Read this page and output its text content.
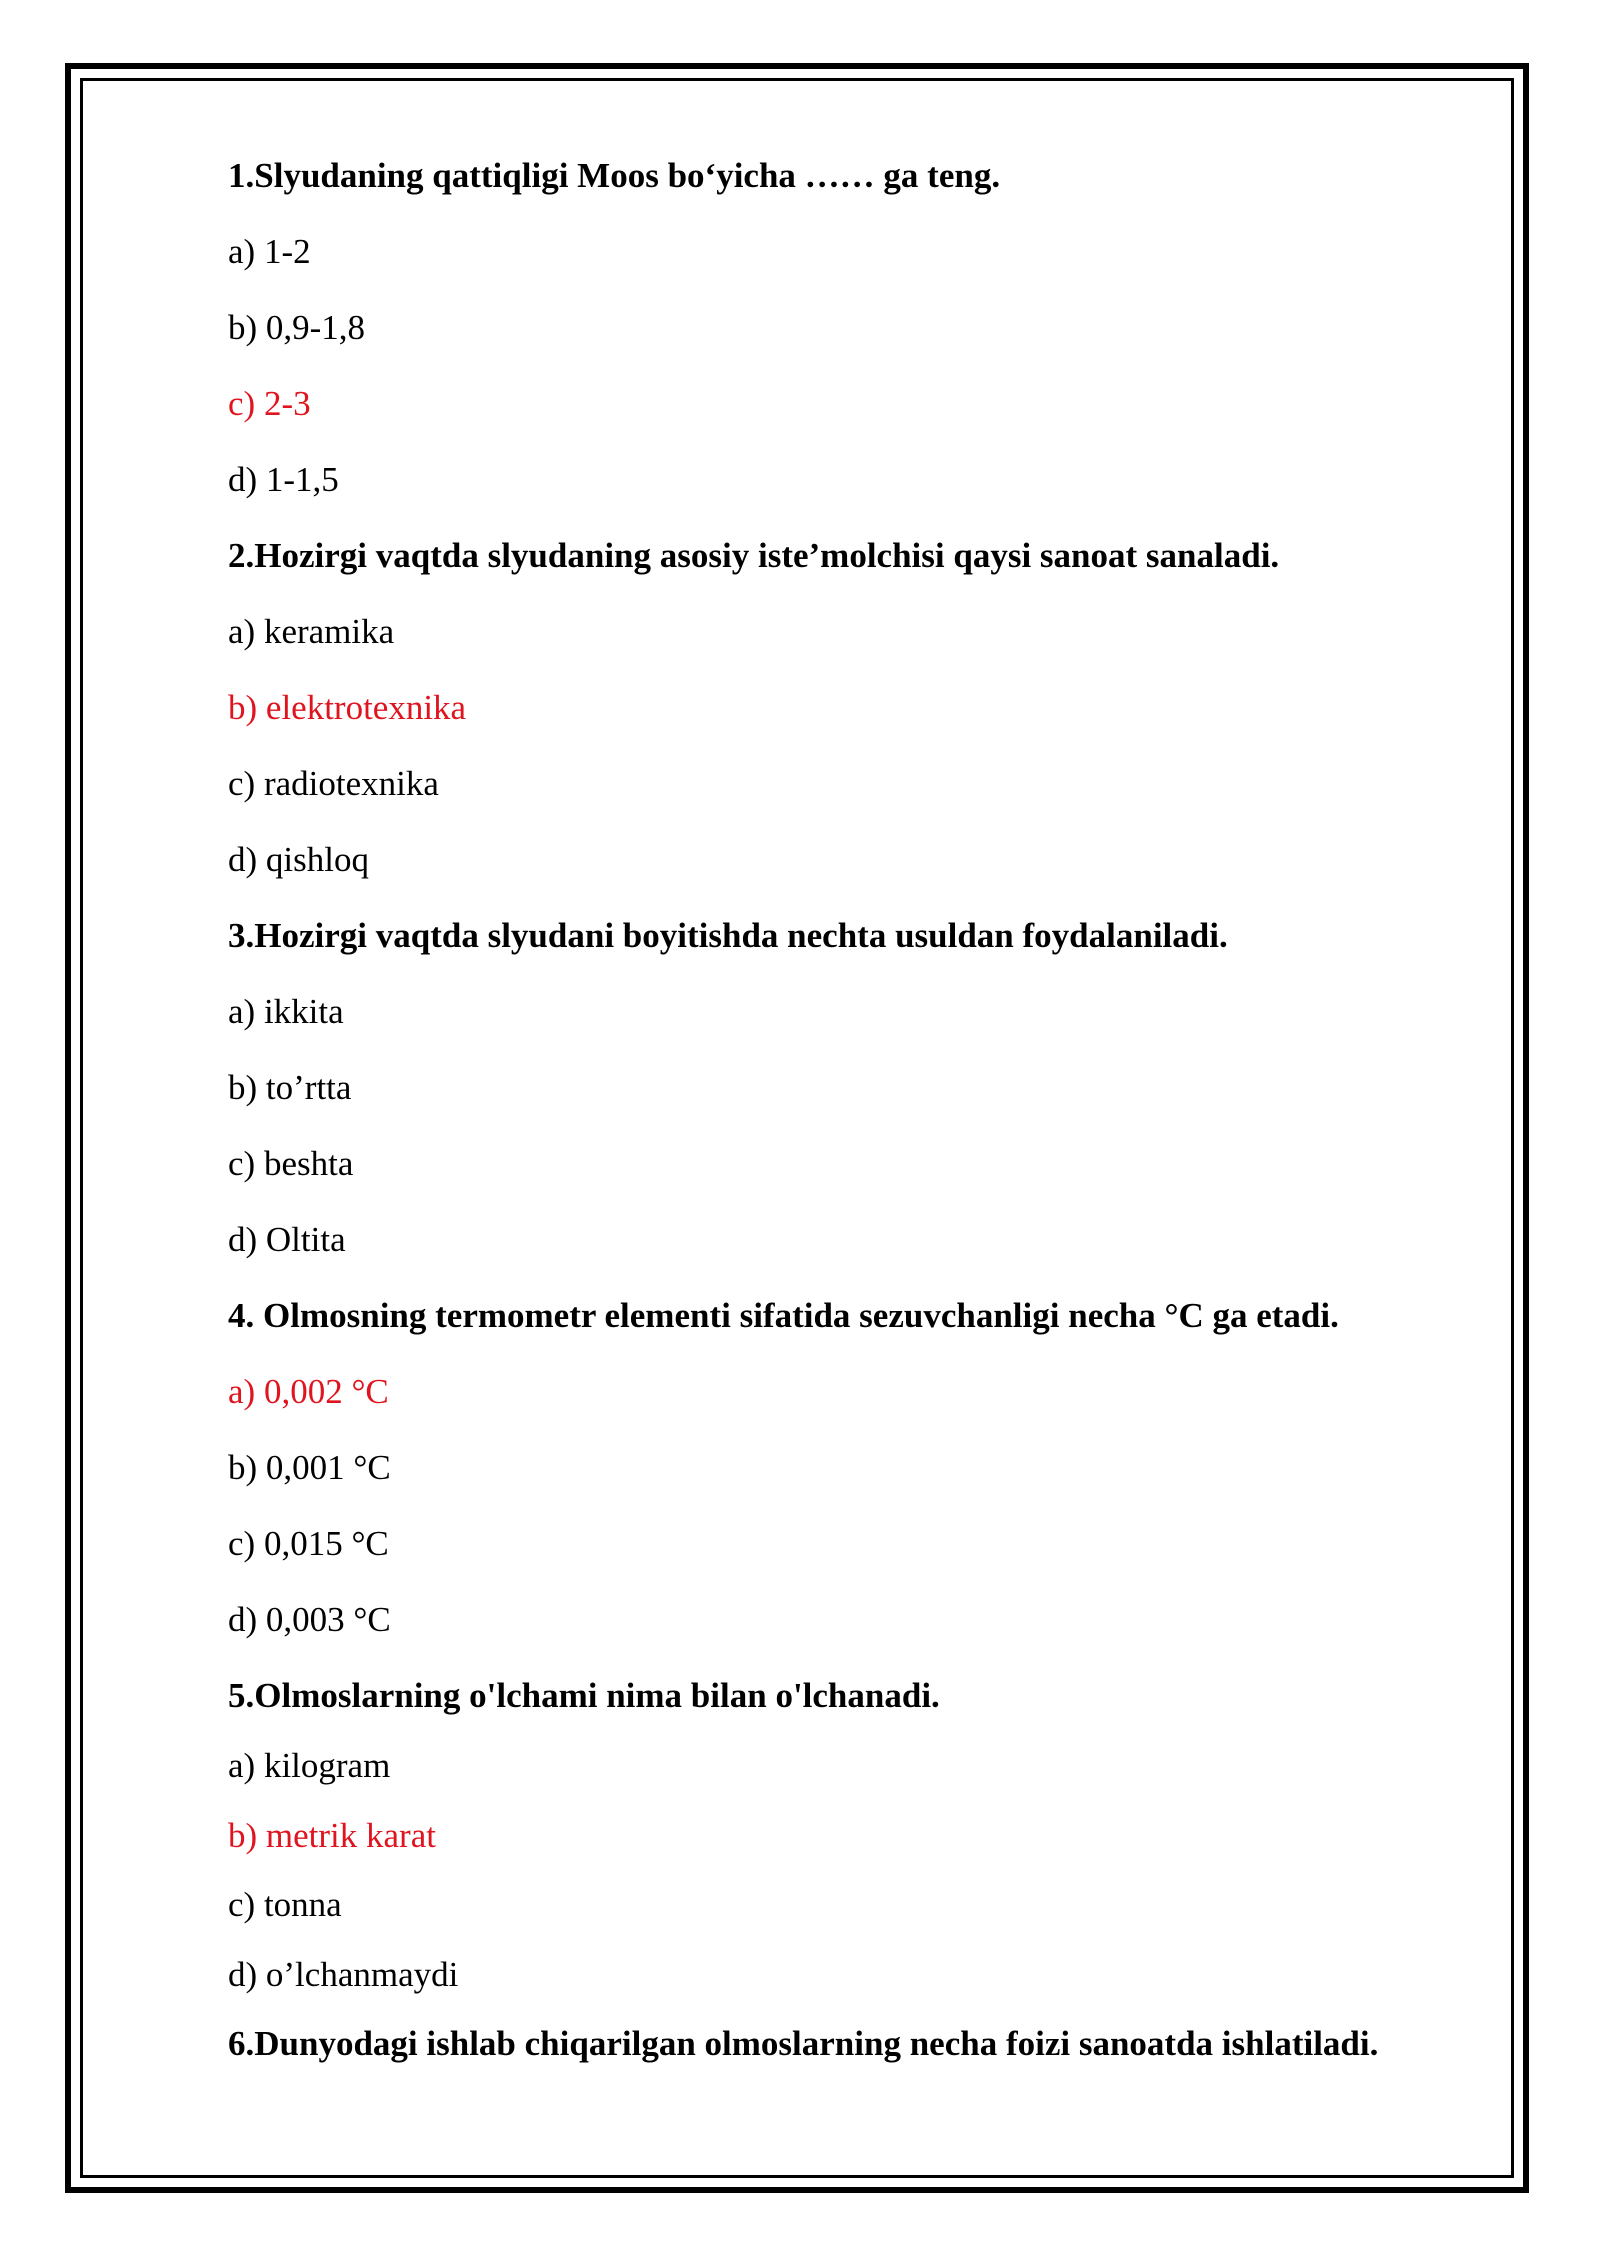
1.Slyudaning qattiqligi Moos bo‘yicha …… ga teng.
a) 1-2
b) 0,9-1,8
c) 2-3
d) 1-1,5
2.Hozirgi vaqtda slyudaning asosiy iste’molchisi qaysi sanoat sanaladi.
a) keramika
b) elektrotexnika
c) radiotexnika
d) qishloq
3.Hozirgi vaqtda slyudani boyitishda nechta usuldan foydalaniladi.
a) ikkita
b) to’rtta
c) beshta
d) Oltita
4. Olmosning termometr elementi sifatida sezuvchanligi necha °C ga etadi.
a) 0,002 °C
b) 0,001 °C
c) 0,015 °C
d) 0,003 °C
5.Olmoslarning o'lchami nima bilan o'lchanadi.
a) kilogram
b) metrik karat
c) tonna
d) o’lchanmaydi
6.Dunyodagi ishlab chiqarilgan olmoslarning necha foizi sanoatda ishlatiladi.
